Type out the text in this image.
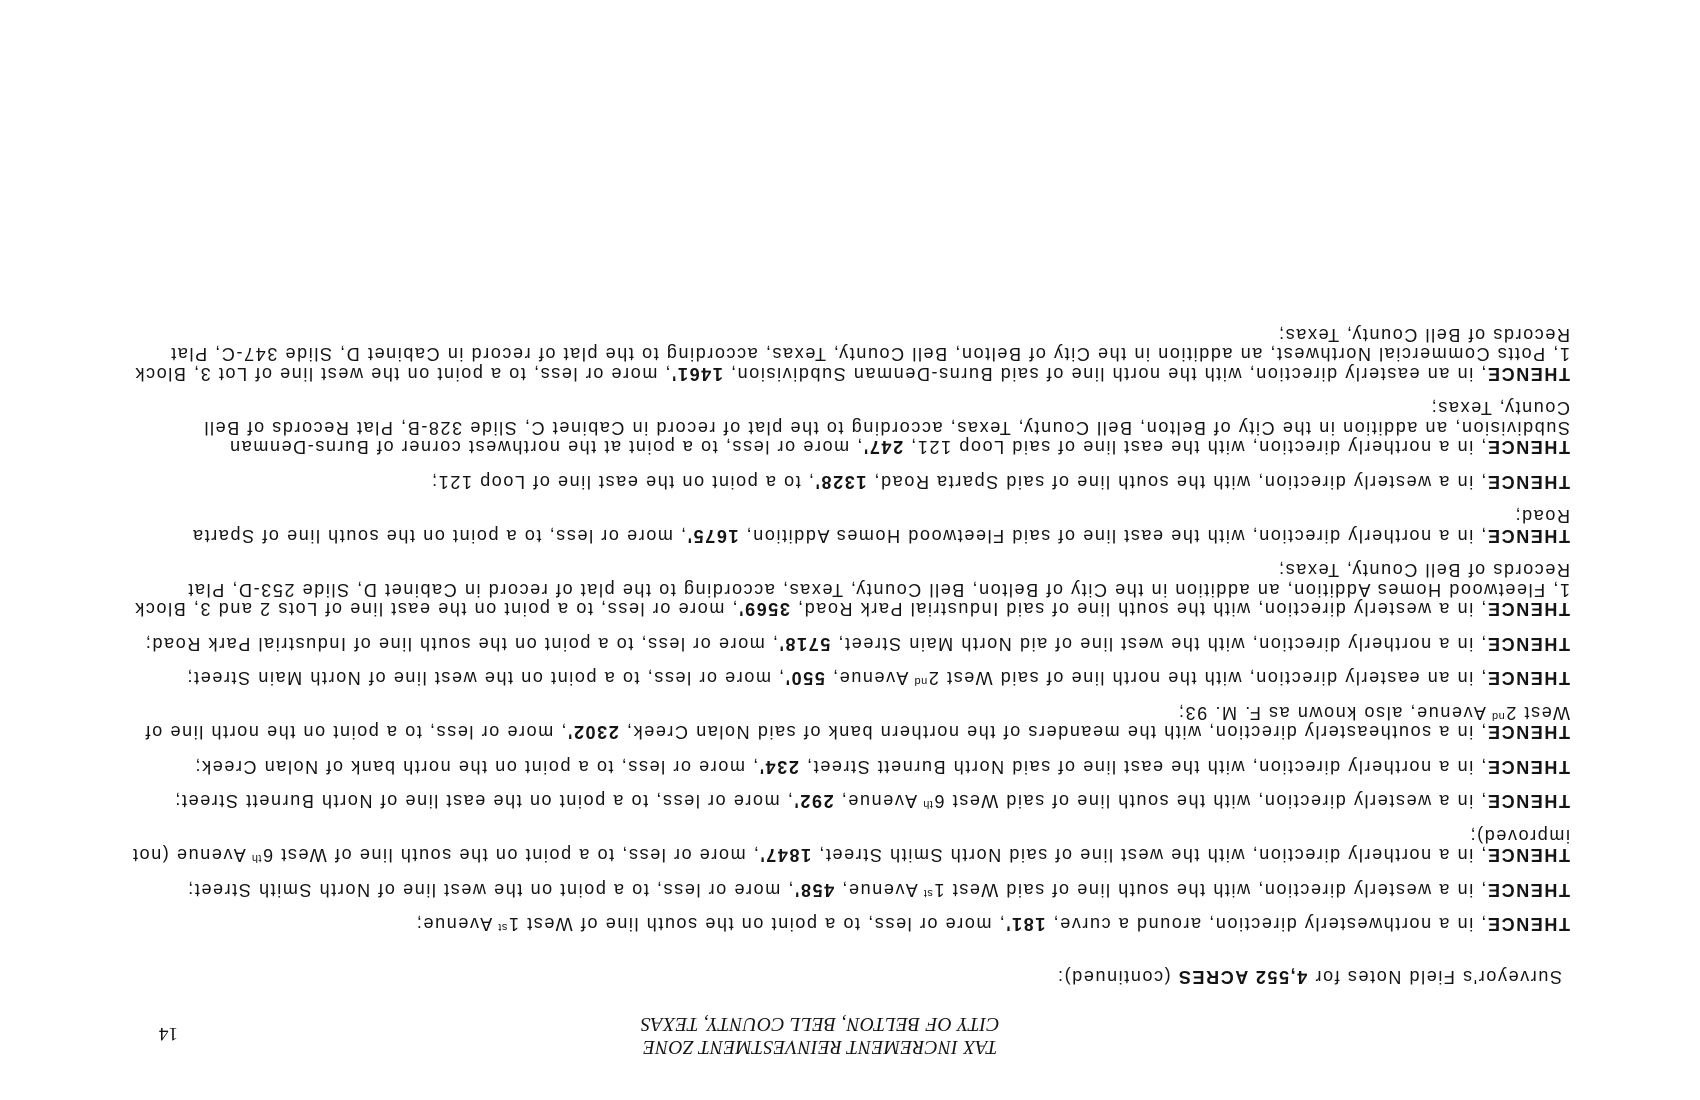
TAX INCREMENT REINVESTMENT ZONE
CITY OF BELTON, BELL COUNTY, TEXAS
14
Surveyor's Field Notes for 4,552 ACRES (continued):
THENCE, in a northwesterly direction, around a curve, 181', more or less, to a point on the south line of West 1st Avenue;
THENCE, in a westerly direction, with the south line of said West 1st Avenue, 458', more or less, to a point on the west line of North Smith Street;
THENCE, in a northerly direction, with the west line of said North Smith Street, 1847', more or less, to a point on the south line of West 6th Avenue (not improved);
THENCE, in a westerly direction, with the south line of said West 6th Avenue, 292', more or less, to a point on the east line of North Burnett Street;
THENCE, in a northerly direction, with the east line of said North Burnett Street, 234', more or less, to a point on the north bank of Nolan Creek;
THENCE, in a southeasterly direction, with the meanders of the northern bank of said Nolan Creek, 2302', more or less, to a point on the north line of West 2nd Avenue, also known as F. M. 93;
THENCE, in an easterly direction, with the north line of said West 2nd Avenue, 550', more or less, to a point on the west line of North Main Street;
THENCE, in a northerly direction, with the west line of aid North Main Street, 5718', more or less, to a point on the south line of Industrial Park Road;
THENCE, in a westerly direction, with the south line of said Industrial Park Road, 3569', more or less, to a point on the east line of Lots 2 and 3, Block 1, Fleetwood Homes Addition, an addition in the City of Belton, Bell County, Texas, according to the plat of record in Cabinet D, Slide 253-D, Plat Records of Bell County, Texas;
THENCE, in a northerly direction, with the east line of said Fleetwood Homes Addition, 1675', more or less, to a point on the south line of Sparta Road;
THENCE, in a westerly direction, with the south line of said Sparta Road, 1328', to a point on the east line of Loop 121;
THENCE, in a northerly direction, with the east line of said Loop 121, 247', more or less, to a point at the northwest corner of Burns-Denman Subdivision, an addition in the City of Belton, Bell County, Texas, according to the plat of record in Cabinet C, Slide 328-B, Plat Records of Bell County, Texas;
THENCE, in an easterly direction, with the north line of said Burns-Denman Subdivision, 1461', more or less, to a point on the west line of Lot 3, Block 1, Potts Commercial Northwest, an addition in the City of Belton, Bell County, Texas, according to the plat of record in Cabinet D, Slide 347-C, Plat Records of Bell County, Texas;
